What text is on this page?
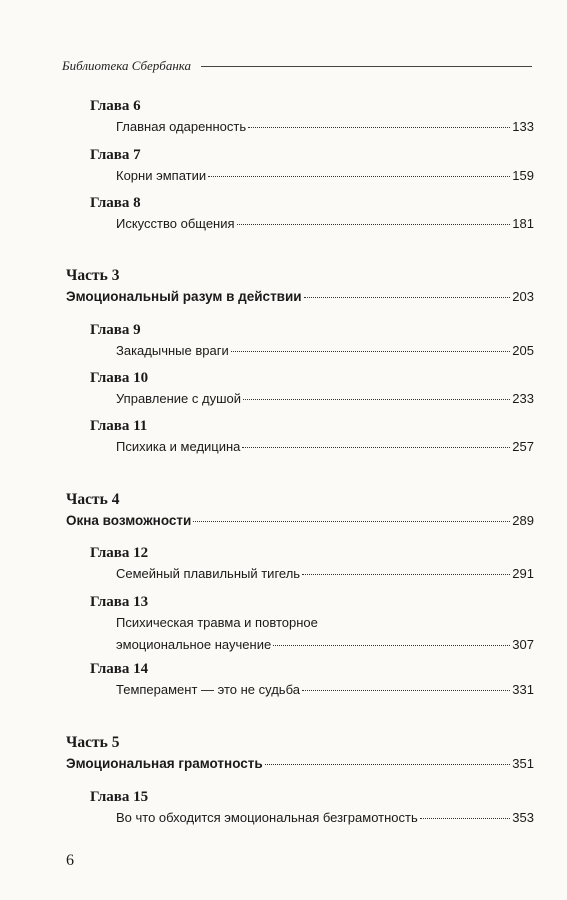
Библиотека Сбербанка
Глава 6
Главная одаренность	133
Глава 7
Корни эмпатии	159
Глава 8
Искусство общения	181
Часть 3
Эмоциональный разум в действии	203
Глава 9
Закадычные враги	205
Глава 10
Управление с душой	233
Глава 11
Психика и медицина	257
Часть 4
Окна возможности	289
Глава 12
Семейный плавильный тигель	291
Глава 13
Психическая травма и повторное
эмоциональное научение	307
Глава 14
Темперамент — это не судьба	331
Часть 5
Эмоциональная грамотность	351
Глава 15
Во что обходится эмоциональная безграмотность	353
6
